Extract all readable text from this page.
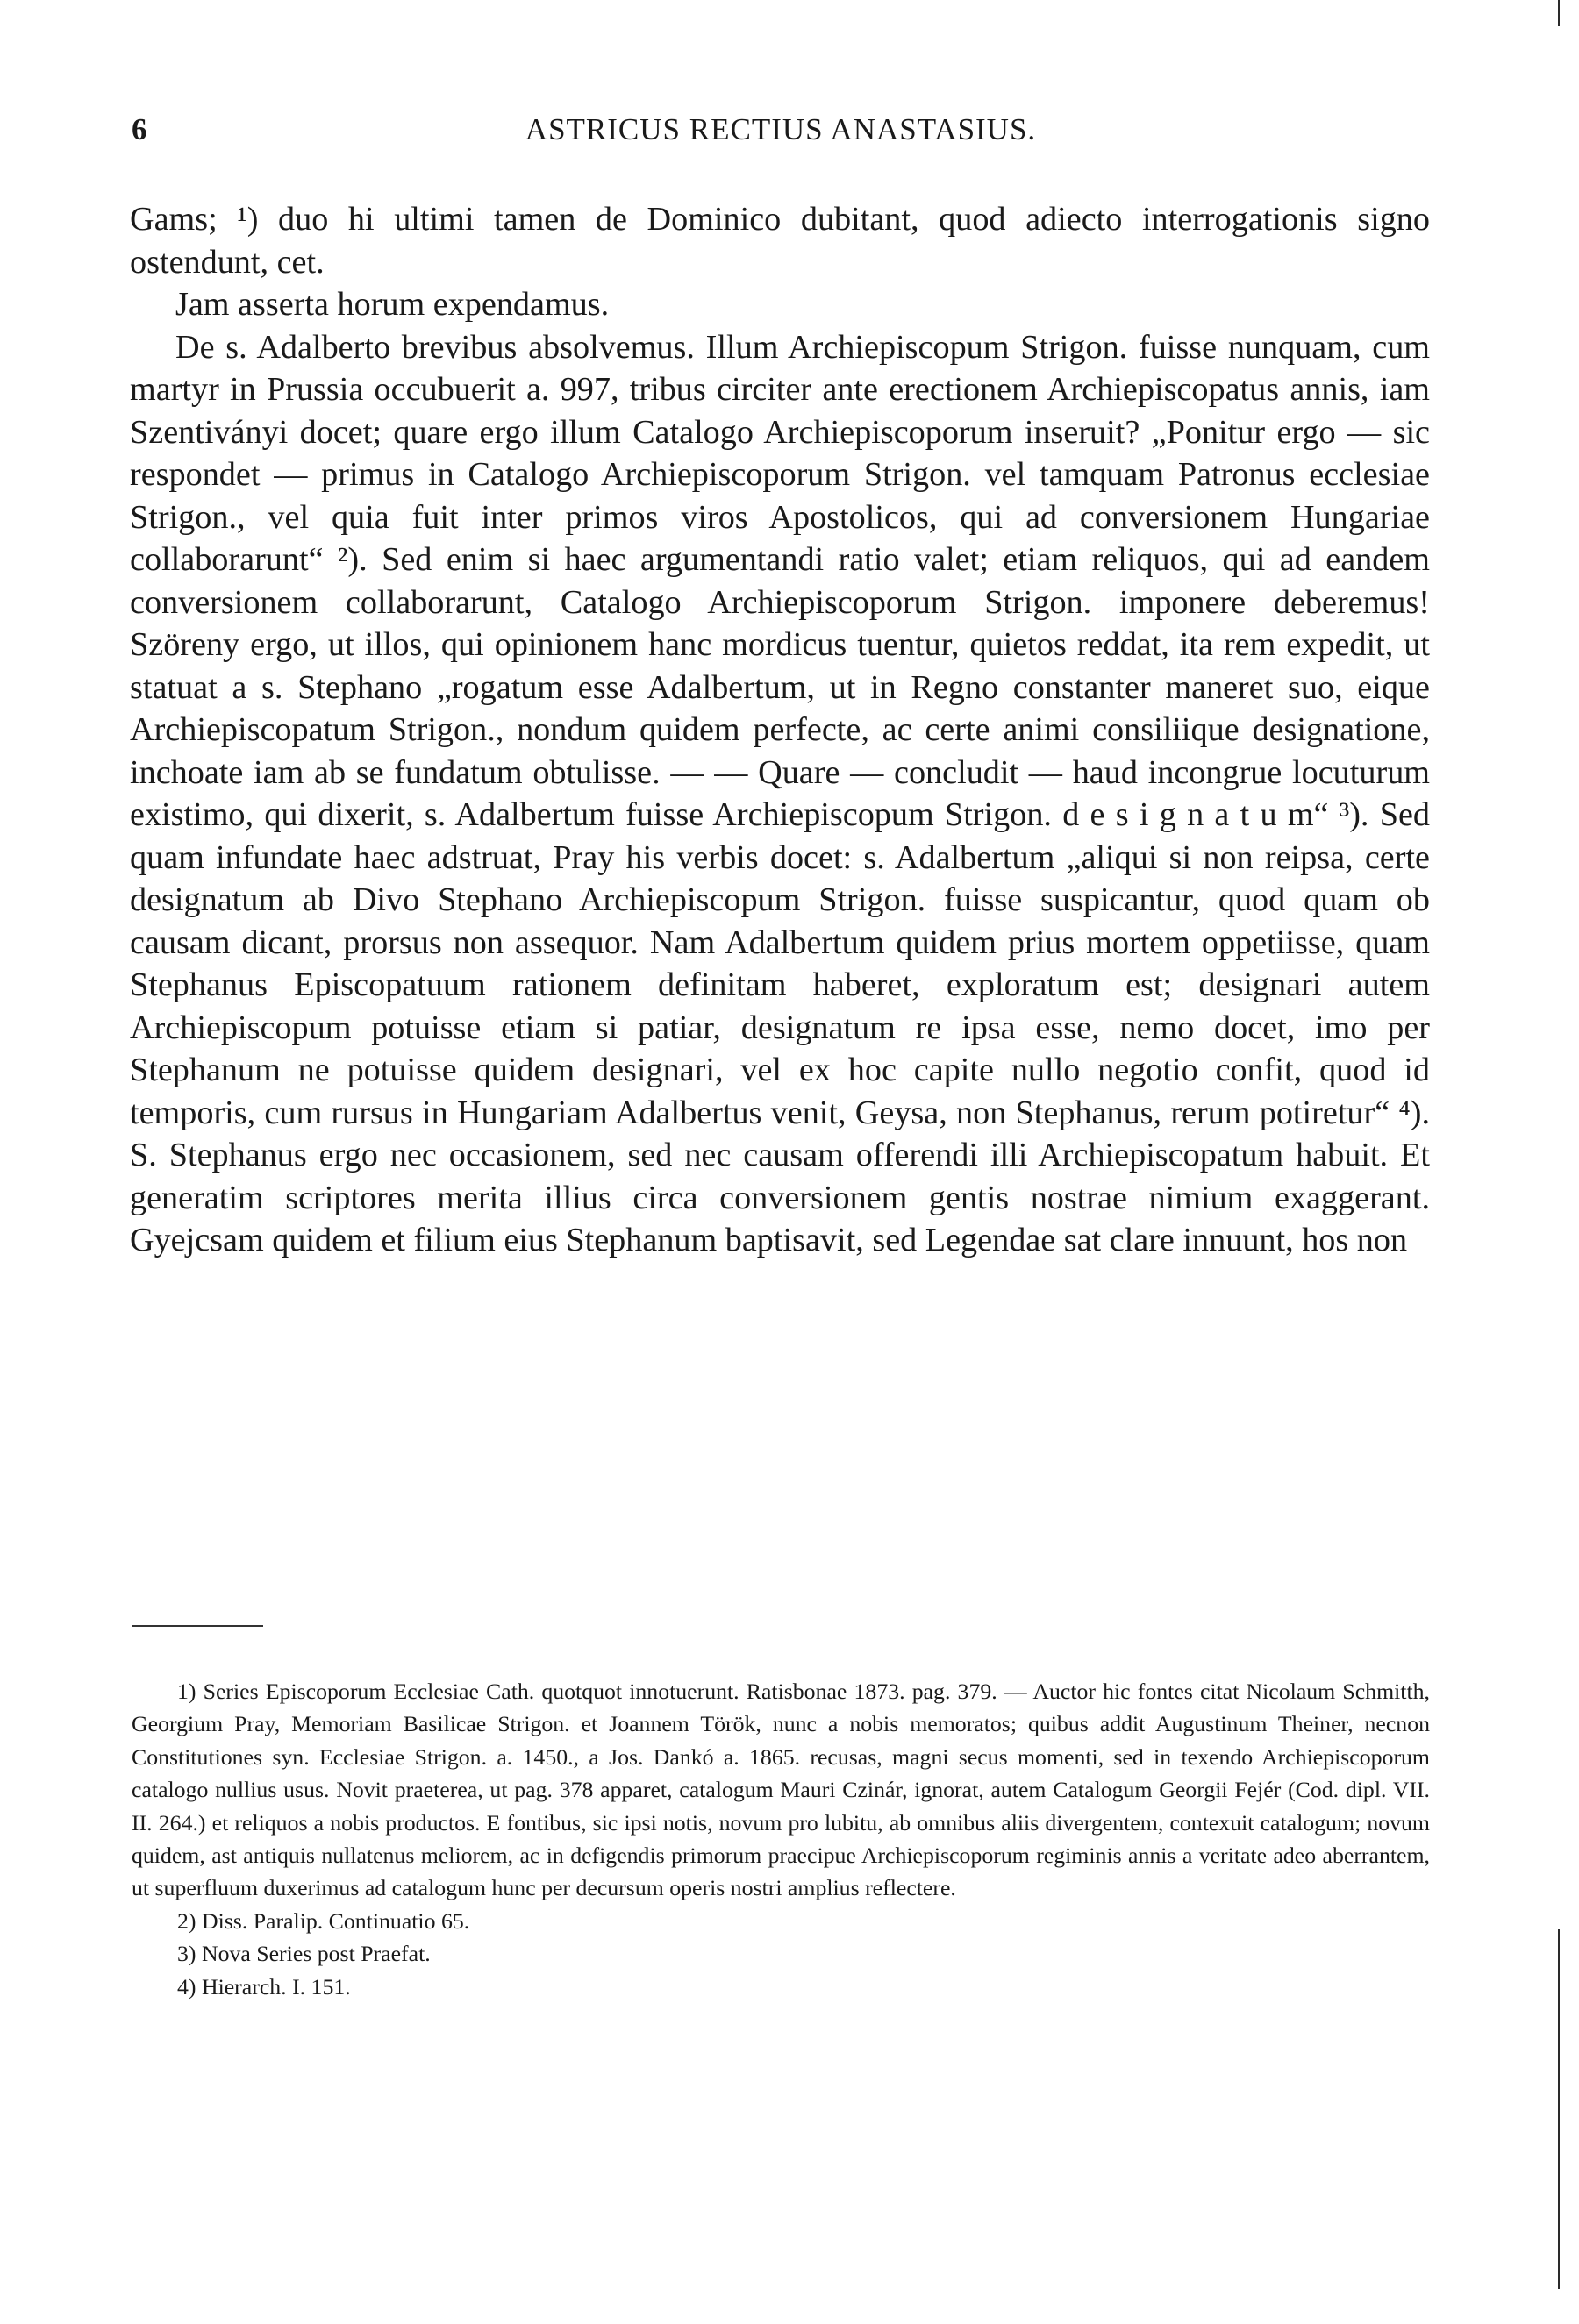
6	ASTRICUS RECTIUS ANASTASIUS.

Gams; ¹) duo hi ultimi tamen de Dominico dubitant, quod adiecto interrogationis signo ostendunt, cet.

Jam asserta horum expendamus.

De s. Adalberto brevibus absolvemus. Illum Archiepiscopum Strigon. fuisse nunquam, cum martyr in Prussia occubuerit a. 997, tribus circiter ante erectionem Archiepiscopatus annis, iam Szentiványi docet; quare ergo illum Catalogo Archiepiscoporum inseruit? „Ponitur ergo — sic respondet — primus in Catalogo Archiepiscoporum Strigon. vel tamquam Patronus ecclesiae Strigon., vel quia fuit inter primos viros Apostolicos, qui ad conversionem Hungariae collaborarunt“ ²). Sed enim si haec argumentandi ratio valet; etiam reliquos, qui ad eandem conversionem collaborarunt, Catalogo Archiepiscoporum Strigon. imponere deberemus! Szöreny ergo, ut illos, qui opinionem hanc mordicus tuentur, quietos reddat, ita rem expedit, ut statuat a s. Stephano „rogatum esse Adalbertum, ut in Regno constanter maneret suo, eique Archiepiscopatum Strigon., nondum quidem perfecte, ac certe animi consiliique designatione, inchoate iam ab se fundatum obtulisse. — — Quare — concludit — haud incongrue locuturum existimo, qui dixerit, s. Adalbertum fuisse Archiepiscopum Strigon. d e s i g n a t u m“ ³). Sed quam infundate haec adstruat, Pray his verbis docet: s. Adalbertum „aliqui si non reipsa, certe designatum ab Divo Stephano Archiepiscopum Strigon. fuisse suspicantur, quod quam ob causam dicant, prorsus non assequor. Nam Adalbertum quidem prius mortem oppetiisse, quam Stephanus Episcopatuum rationem definitam haberet, exploratum est; designari autem Archiepiscopum potuisse etiam si patiar, designatum re ipsa esse, nemo docet, imo per Stephanum ne potuisse quidem designari, vel ex hoc capite nullo negotio confit, quod id temporis, cum rursus in Hungariam Adalbertus venit, Geysa, non Stephanus, rerum potiretur“ ⁴). S. Stephanus ergo nec occasionem, sed nec causam offerendi illi Archiepiscopatum habuit. Et generatim scriptores merita illius circa conversionem gentis nostrae nimium exaggerant. Gyejcsam quidem et filium eius Stephanum baptisavit, sed Legendae sat clare innuunt, hos non

1) Series Episcoporum Ecclesiae Cath. quotquot innotuerunt. Ratisbonae 1873. pag. 379. — Auctor hic fontes citat Nicolaum Schmitth, Georgium Pray, Memoriam Basilicae Strigon. et Joannem Török, nunc a nobis memoratos; quibus addit Augustinum Theiner, necnon Constitutiones syn. Ecclesiae Strigon. a. 1450., a Jos. Dankó a. 1865. recusas, magni secus momenti, sed in texendo Archiepiscoporum catalogo nullius usus. Novit praeterea, ut pag. 378 apparet, catalogum Mauri Czinár, ignorat, autem Catalogum Georgii Fejér (Cod. dipl. VII. II. 264.) et reliquos a nobis productos. E fontibus, sic ipsi notis, novum pro lubitu, ab omnibus aliis divergentem, contexuit catalogum; novum quidem, ast antiquis nullatenus meliorem, ac in defigendis primorum praecipue Archiepiscoporum regiminis annis a veritate adeo aberrantem, ut superfluum duxerimus ad catalogum hunc per decursum operis nostri amplius reflectere.

2) Diss. Paralip. Continuatio 65.

3) Nova Series post Praefat.

4) Hierarch. I. 151.
